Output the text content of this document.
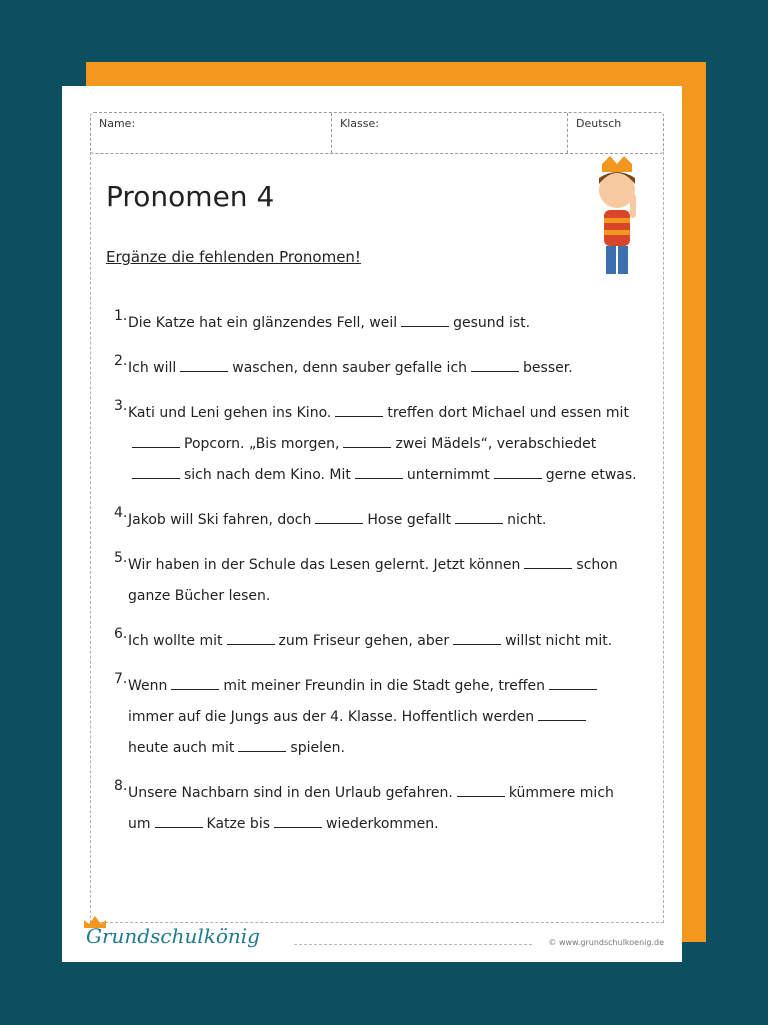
Name:	Klasse:	Deutsch
Pronomen 4
Ergänze die fehlenden Pronomen!
1. Die Katze hat ein glänzendes Fell, weil	gesund ist.
2. Ich will	waschen, denn sauber gefalle ich	besser.
3. Kati und Leni gehen ins Kino.	treffen dort Michael und essen mit
Popcorn. „Bis morgen,	zwei Mädels“, verabschiedet
sich nach dem Kino. Mit	unternimmt	gerne etwas.
4. Jakob will Ski fahren, doch	Hose gefallt	nicht.
5. Wir haben in der Schule das Lesen gelernt. Jetzt können	schon
ganze Bücher lesen.
6. Ich wollte mit	zum Friseur gehen, aber	willst nicht mit.
7. Wenn	mit meiner Freundin in die Stadt gehe, treffen
immer auf die Jungs aus der 4. Klasse. Hoffentlich werden
heute auch mit	spielen.
8. Unsere Nachbarn sind in den Urlaub gefahren.	kümmere mich
um	Katze bis	wiederkommen.
Grundschulkönig	© www.grundschulkoenig.de
